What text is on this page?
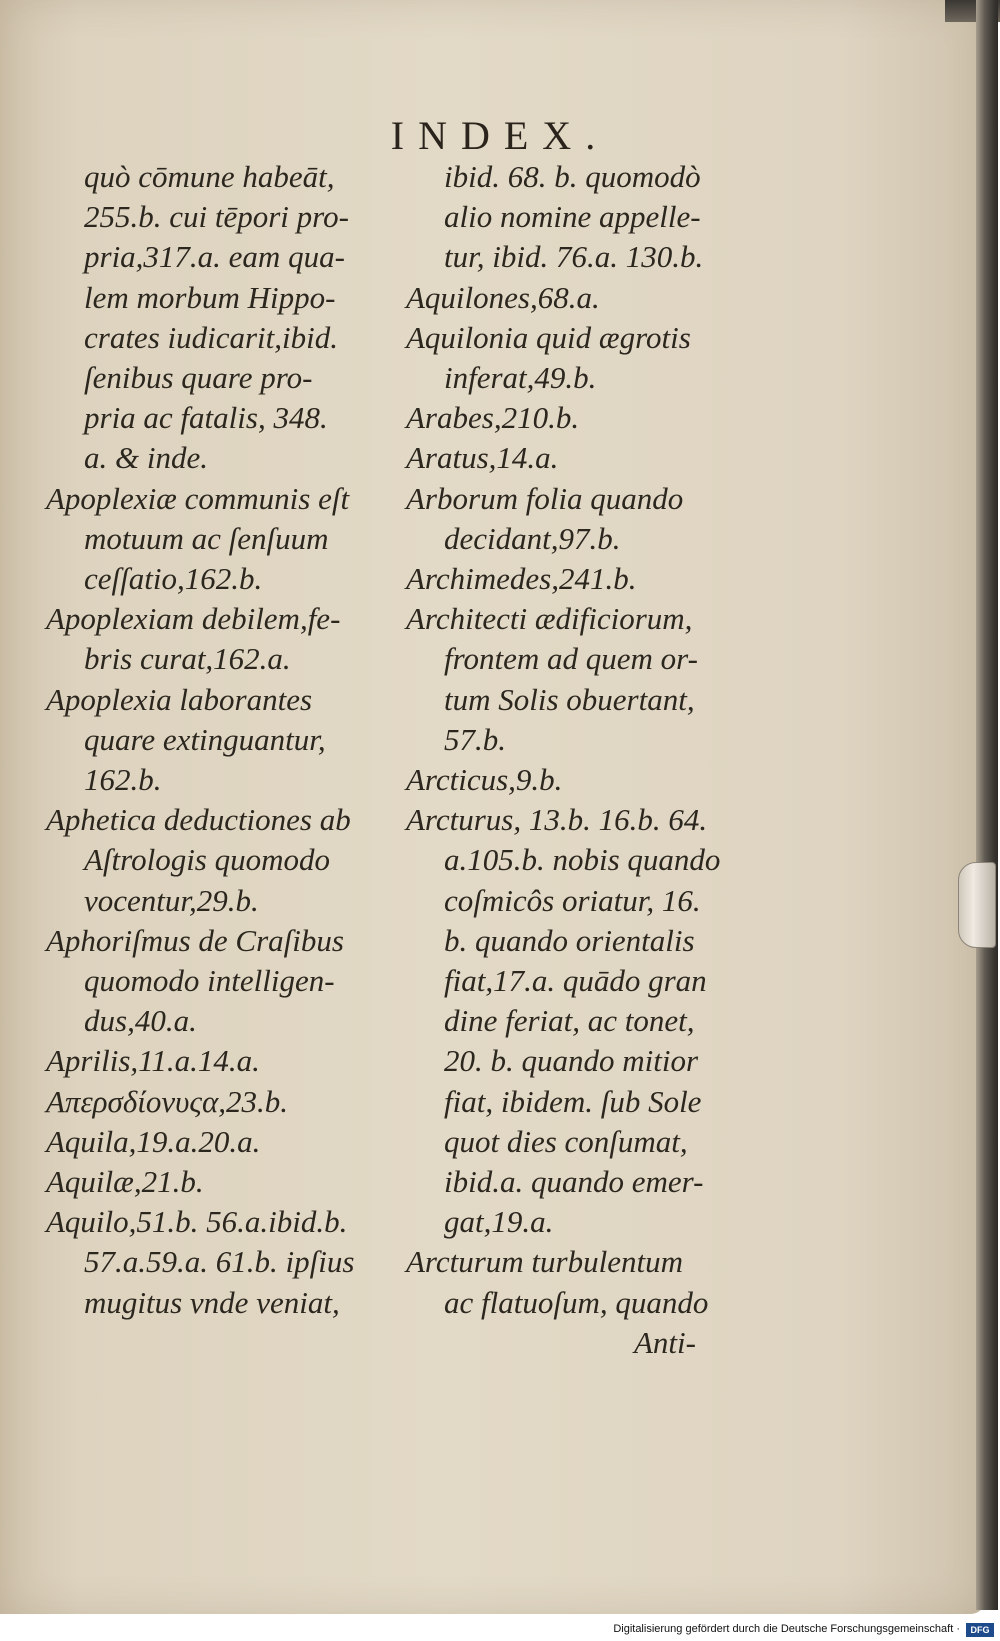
INDEX.
quò cōmune habeāt,
255.b. cui tēpori pro-
pria,317.a. eam qua-
lem morbum Hippo-
crates iudicarit,ibid.
ſenibus quare pro-
pria ac fatalis, 348.
a. & inde.
Apoplexiæ communis eſt
motuum ac ſenſuum
ceſſatio,162.b.
Apoplexiam debilem,fe-
bris curat,162.a.
Apoplexia laborantes
quare extinguantur,
162.b.
Aphetica deductiones ab
Aſtrologis quomodo
vocentur,29.b.
Aphoriſmus de Craſibus
quomodo intelligen-
dus,40.a.
Aprilis,11.a.14.a.
Απερσδίονυςα,23.b.
Aquila,19.a.20.a.
Aquilæ,21.b.
Aquilo,51.b. 56.a.ibid.b.
57.a.59.a. 61.b. ipſius
mugitus vnde veniat,
ibid. 68. b. quomodò
alio nomine appelle-
tur, ibid. 76.a. 130.b.
Aquilones,68.a.
Aquilonia quid ægrotis
inferat,49.b.
Arabes,210.b.
Aratus,14.a.
Arborum folia quando
decidant,97.b.
Archimedes,241.b.
Architecti ædificiorum,
frontem ad quem or-
tum Solis obuertant,
57.b.
Arcticus,9.b.
Arcturus, 13.b. 16.b. 64.
a.105.b. nobis quando
coſmicôs oriatur, 16.
b. quando orientalis
fiat,17.a. quādo gran
dine feriat, ac tonet,
20. b. quando mitior
fiat, ibidem. ſub Sole
quot dies conſumat,
ibid.a. quando emer-
gat,19.a.
Arcturum turbulentum
ac flatuoſum, quando
Anti-
Digitalisierung gefördert durch die Deutsche Forschungsgemeinschaft ·	DFG
